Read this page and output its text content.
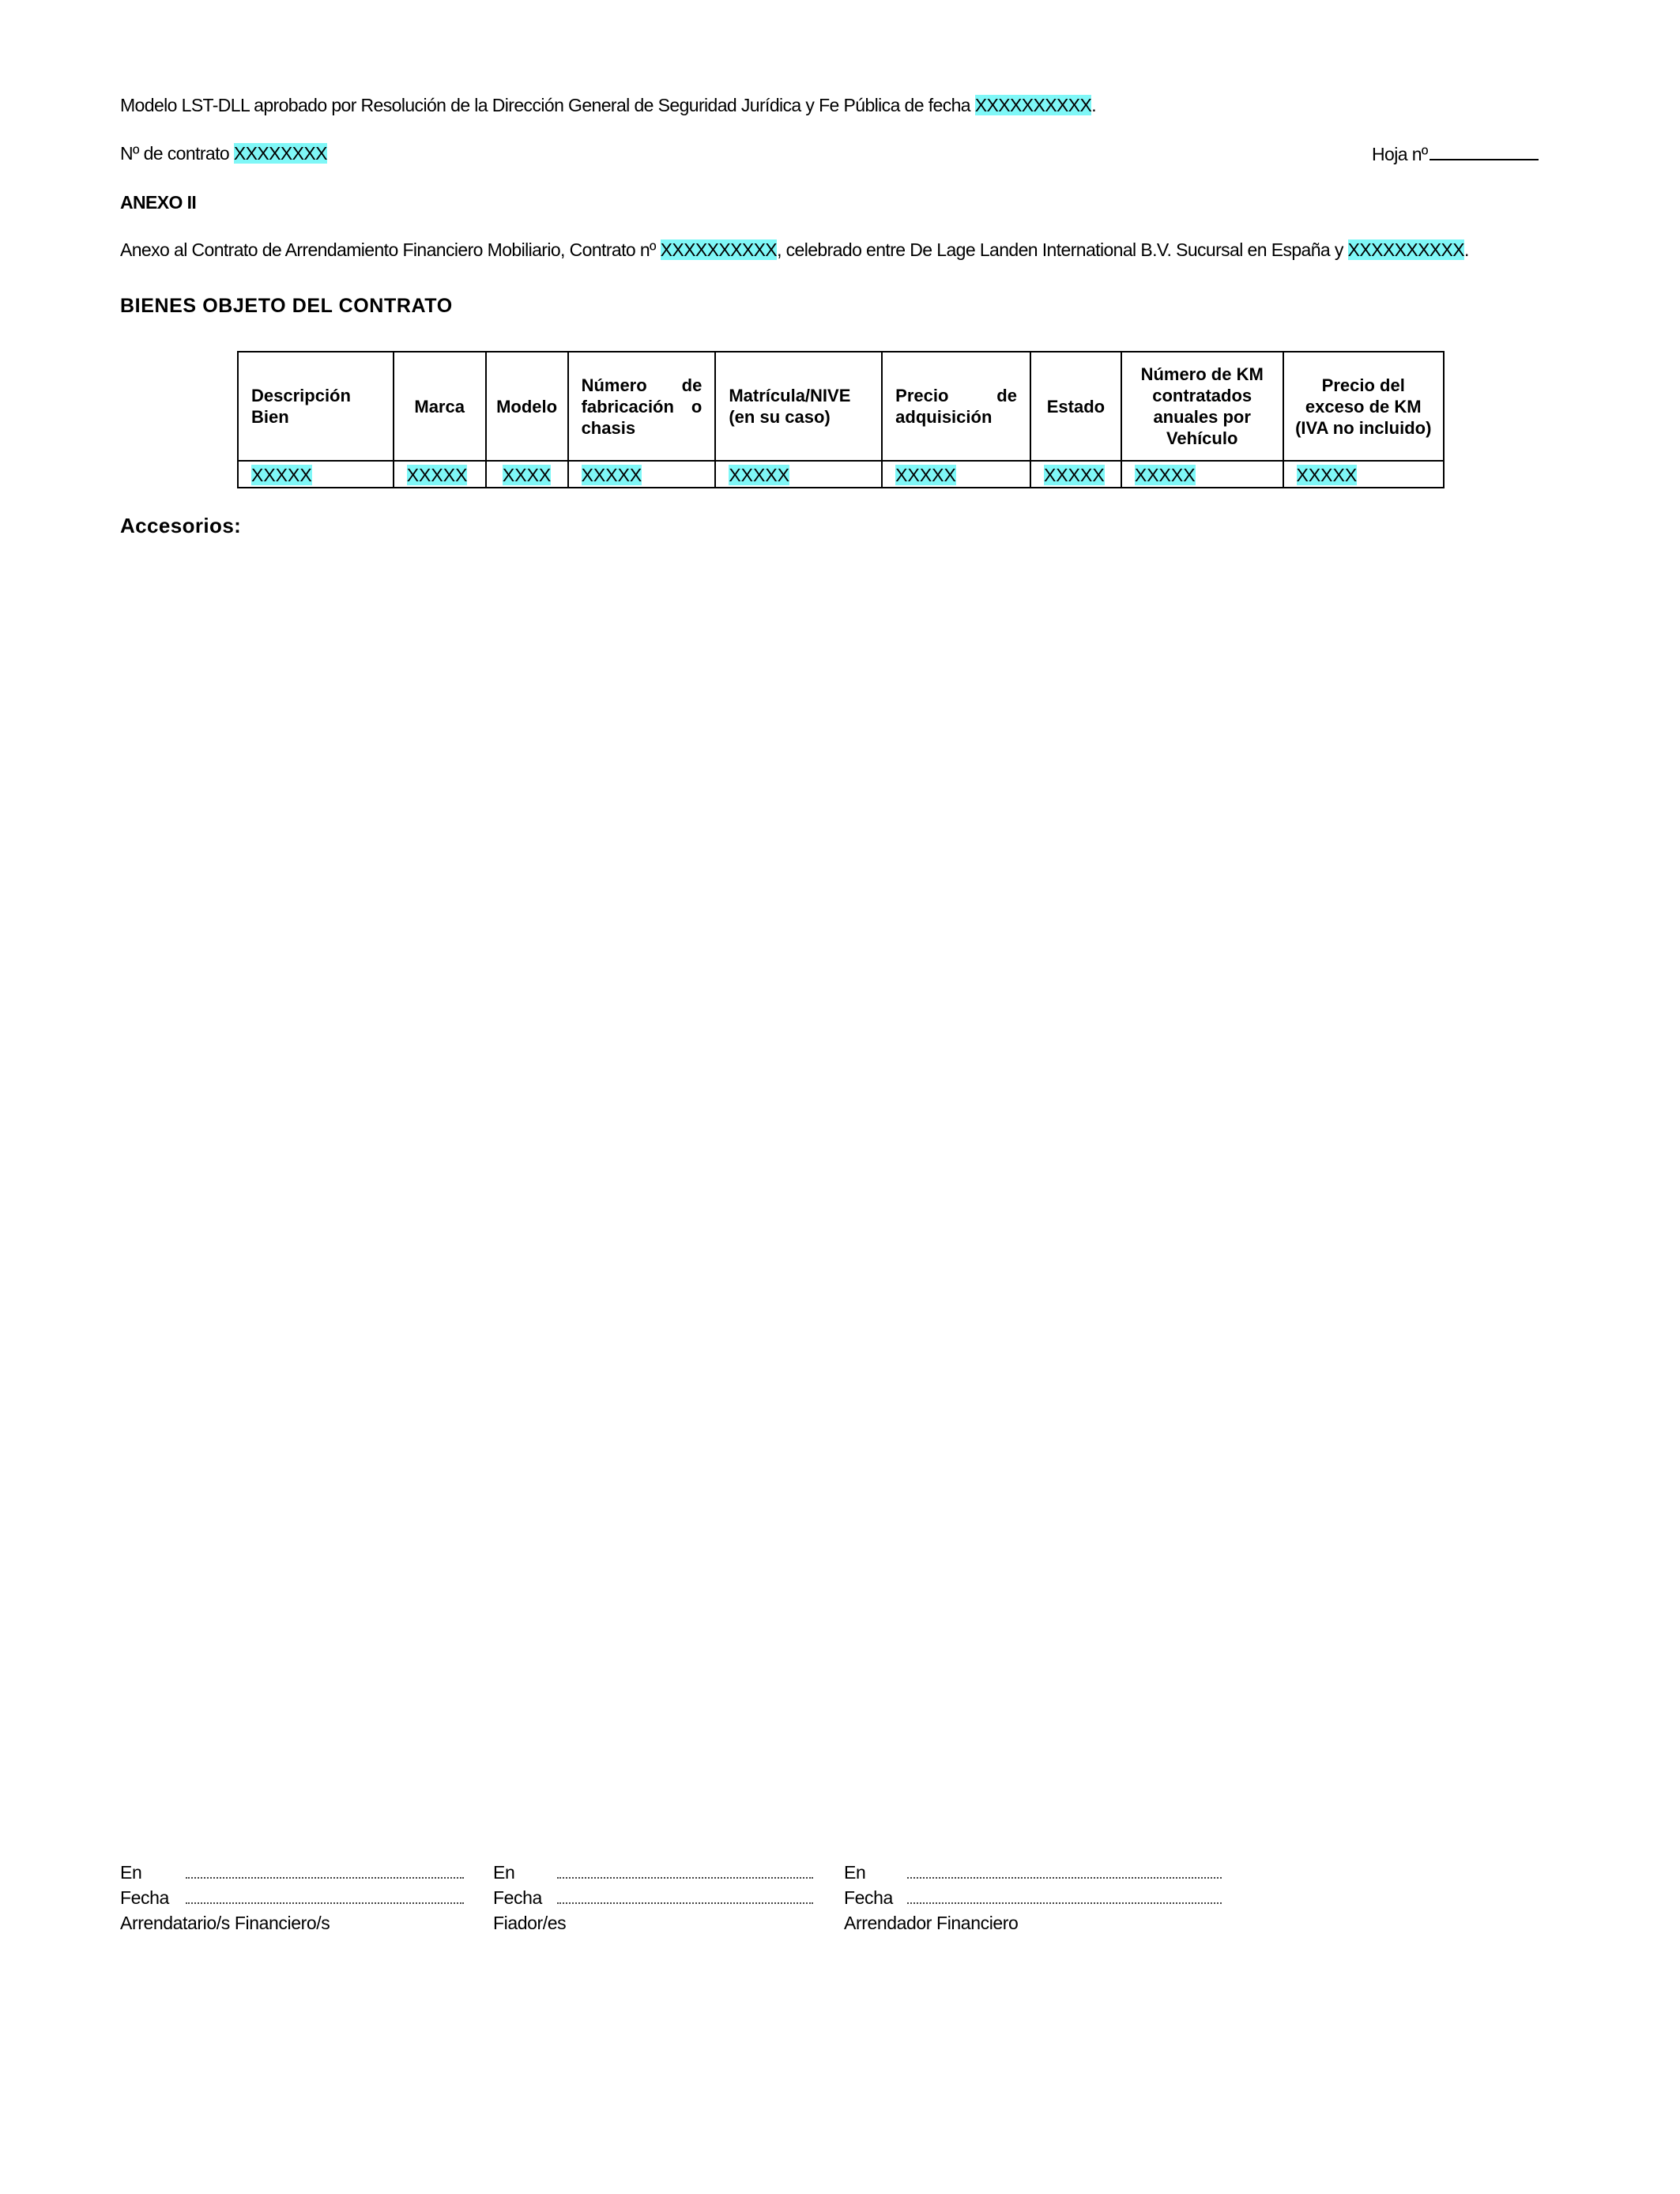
Modelo LST-DLL aprobado por Resolución de la Dirección General de Seguridad Jurídica y Fe Pública de fecha XXXXXXXXXX.
Nº de contrato XXXXXXXX	Hoja nº
ANEXO II
Anexo al Contrato de Arrendamiento Financiero Mobiliario, Contrato nº XXXXXXXXXX, celebrado entre De Lage Landen International B.V. Sucursal en España y XXXXXXXXXX.
BIENES OBJETO DEL CONTRATO
Descripción Bien	Marca	Modelo	Número de fabricación o chasis	Matrícula/NIVE (en su caso)	Precio de adquisición	Estado	Número de KM contratados anuales por Vehículo	Precio del exceso de KM (IVA no incluido)
XXXXX	XXXXX	XXXX	XXXXX	XXXXX	XXXXX	XXXXX	XXXXX	XXXXX
Accesorios:
En
Fecha
Arrendatario/s Financiero/s
En
Fecha
Fiador/es
En
Fecha
Arrendador Financiero
